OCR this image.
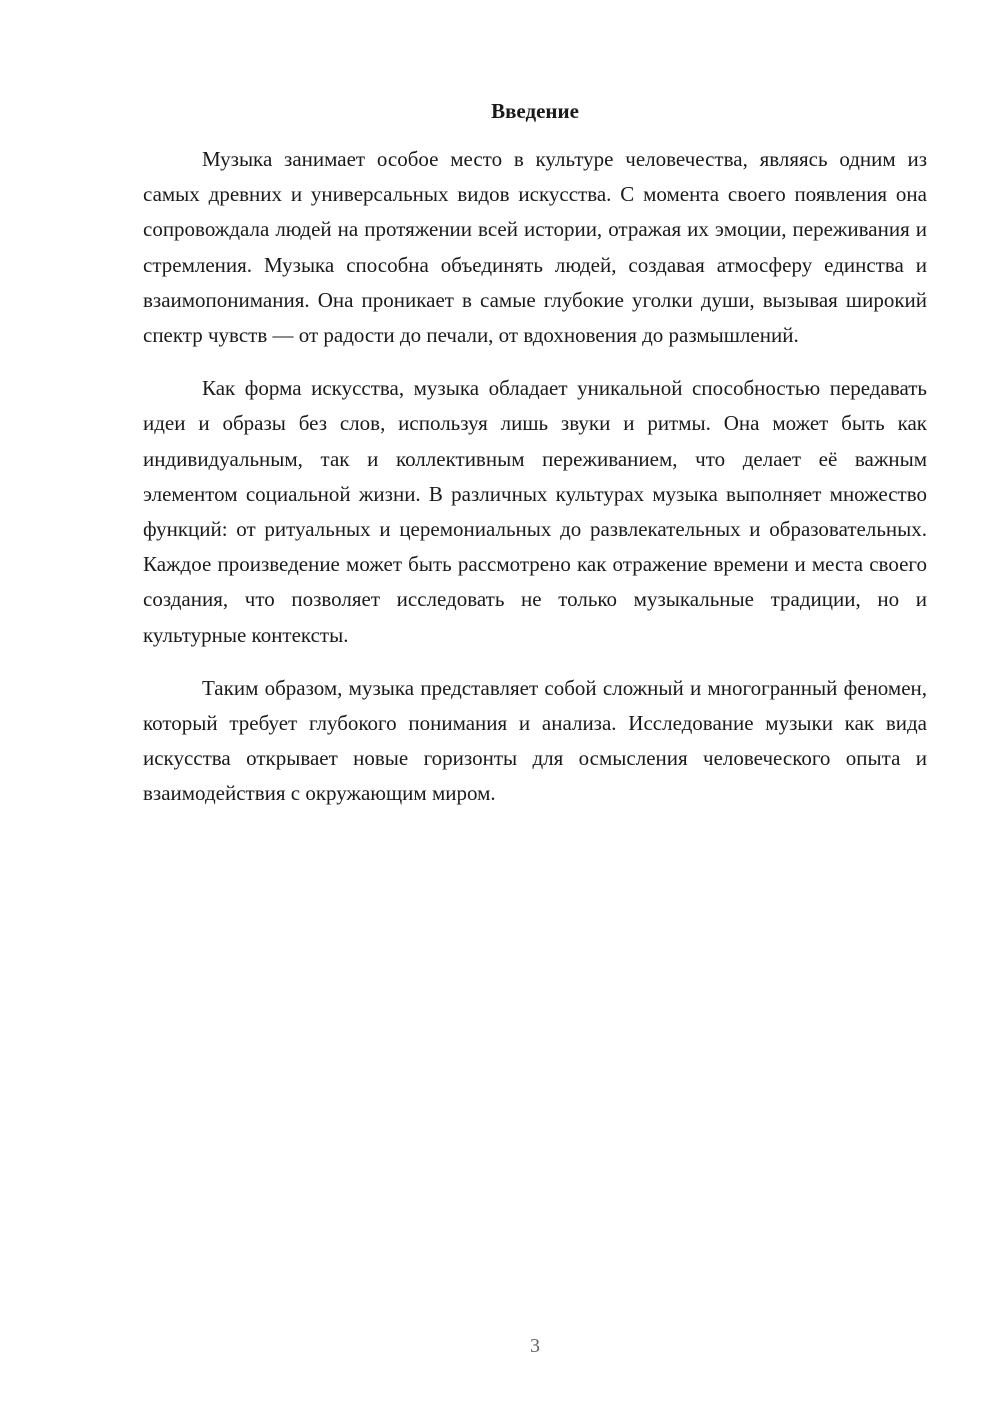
Введение

Музыка занимает особое место в культуре человечества, являясь одним из самых древних и универсальных видов искусства. С момента своего появления она сопровождала людей на протяжении всей истории, отражая их эмоции, переживания и стремления. Музыка способна объединять людей, создавая атмосферу единства и взаимопонимания. Она проникает в самые глубокие уголки души, вызывая широкий спектр чувств — от радости до печали, от вдохновения до размышлений.

Как форма искусства, музыка обладает уникальной способностью передавать идеи и образы без слов, используя лишь звуки и ритмы. Она может быть как индивидуальным, так и коллективным переживанием, что делает её важным элементом социальной жизни. В различных культурах музыка выполняет множество функций: от ритуальных и церемониальных до развлекательных и образовательных. Каждое произведение может быть рассмотрено как отражение времени и места своего создания, что позволяет исследовать не только музыкальные традиции, но и культурные контексты.

Таким образом, музыка представляет собой сложный и многогранный феномен, который требует глубокого понимания и анализа. Исследование музыки как вида искусства открывает новые горизонты для осмысления человеческого опыта и взаимодействия с окружающим миром.

3
